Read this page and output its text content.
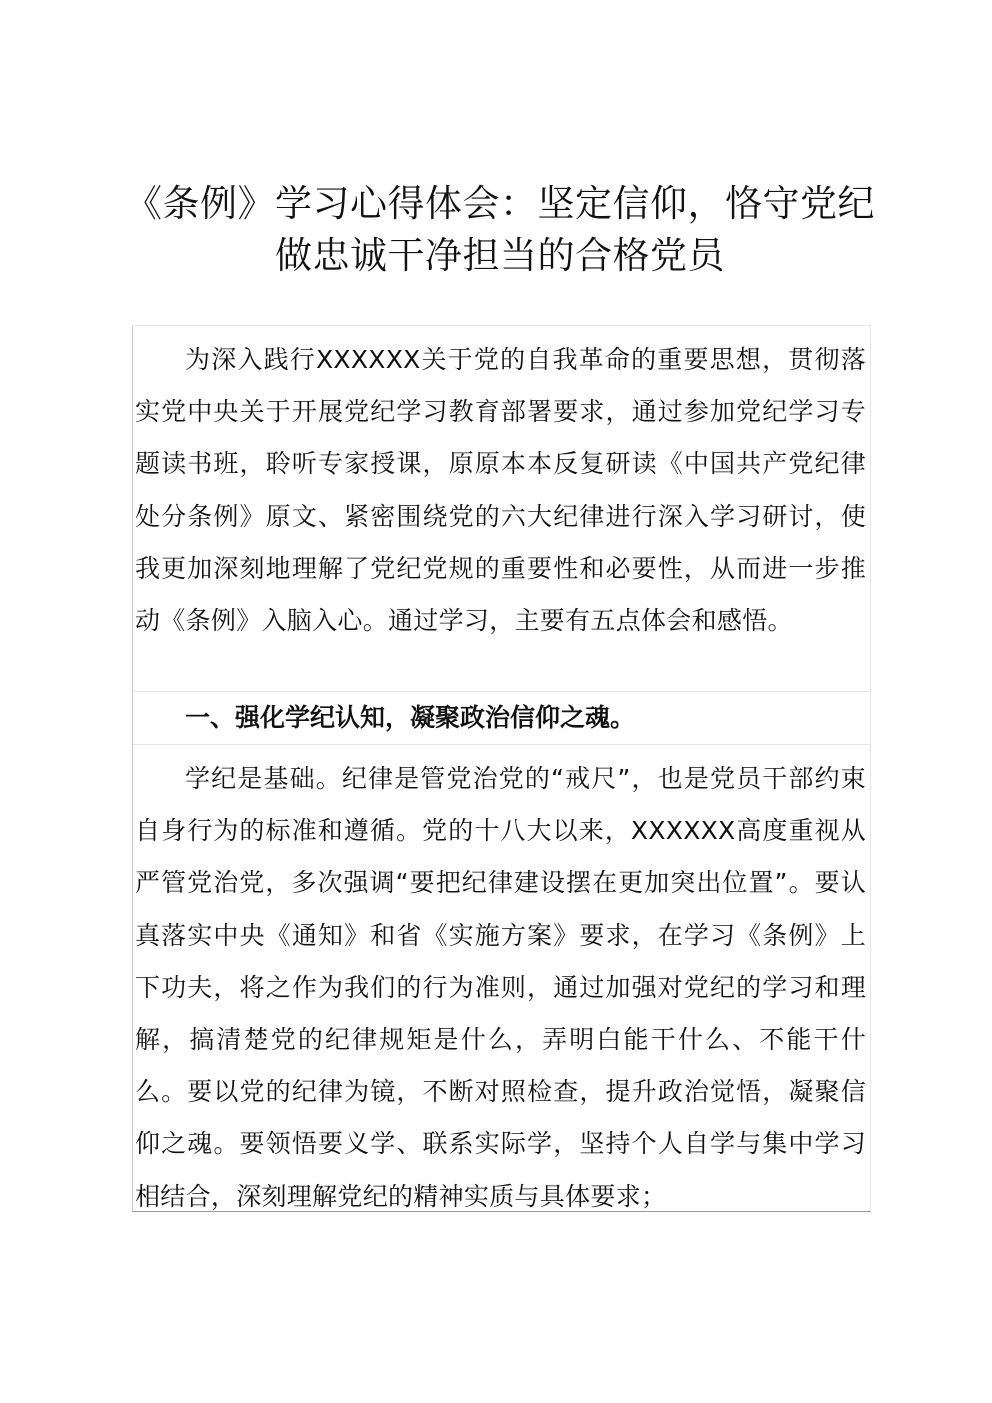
《条例》学习心得体会：坚定信仰，恪守党纪
做忠诚干净担当的合格党员

为深入践行XXXXXX关于党的自我革命的重要思想，贯彻落实党中央关于开展党纪学习教育部署要求，通过参加党纪学习专题读书班，聆听专家授课，原原本本反复研读《中国共产党纪律处分条例》原文、紧密围绕党的六大纪律进行深入学习研讨，使我更加深刻地理解了党纪党规的重要性和必要性，从而进一步推动《条例》入脑入心。通过学习，主要有五点体会和感悟。

一、强化学纪认知，凝聚政治信仰之魂。

学纪是基础。纪律是管党治党的“戒尺”，也是党员干部约束自身行为的标准和遵循。党的十八大以来，XXXXXX高度重视从严管党治党，多次强调“要把纪律建设摆在更加突出位置”。要认真落实中央《通知》和省《实施方案》要求，在学习《条例》上下功夫，将之作为我们的行为准则，通过加强对党纪的学习和理解，搞清楚党的纪律规矩是什么，弄明白能干什么、不能干什么。要以党的纪律为镜，不断对照检查，提升政治觉悟，凝聚信仰之魂。要领悟要义学、联系实际学，坚持个人自学与集中学习相结合，深刻理解党纪的精神实质与具体要求；
